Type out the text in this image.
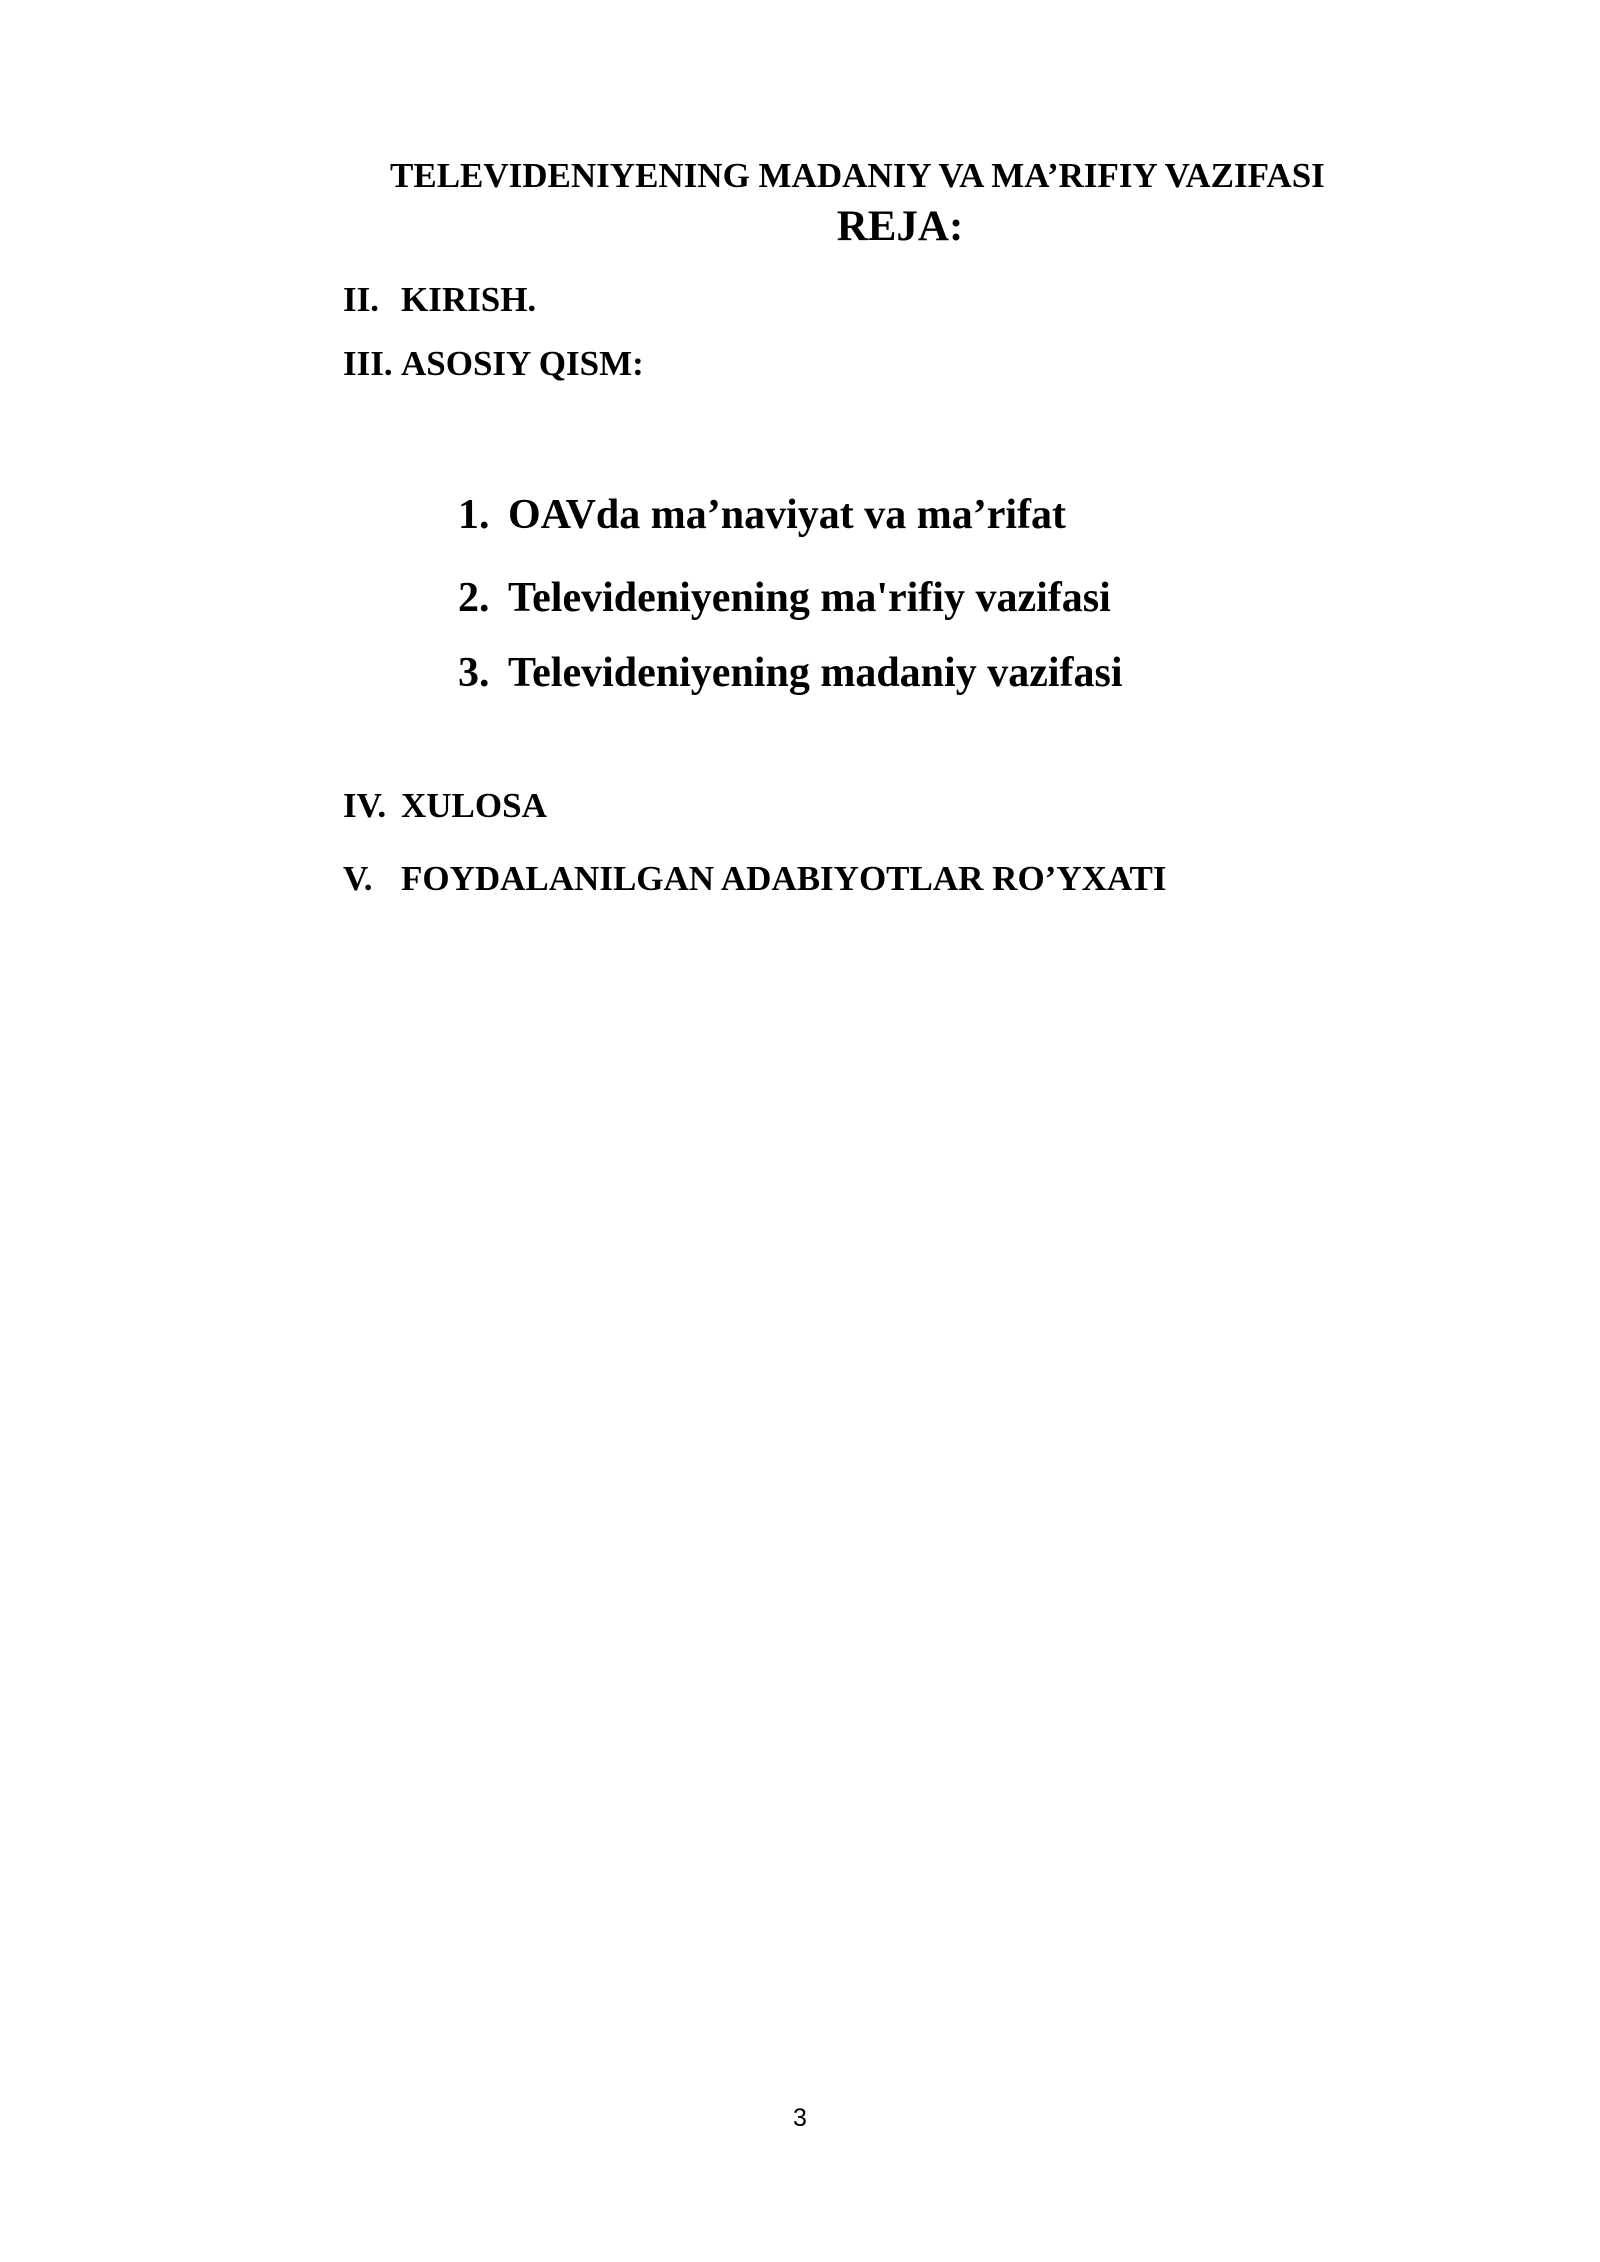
TELEVIDENIYENING MADANIY VA MA’RIFIY VAZIFASI
REJA:
II. KIRISH.
III. ASOSIY QISM:
1. OAVda ma’naviyat va ma’rifat
2. Televideniyening ma'rifiy vazifasi
3. Televideniyening madaniy vazifasi
IV. XULOSA
V. FOYDALANILGAN ADABIYOTLAR RO’YXATI
3
